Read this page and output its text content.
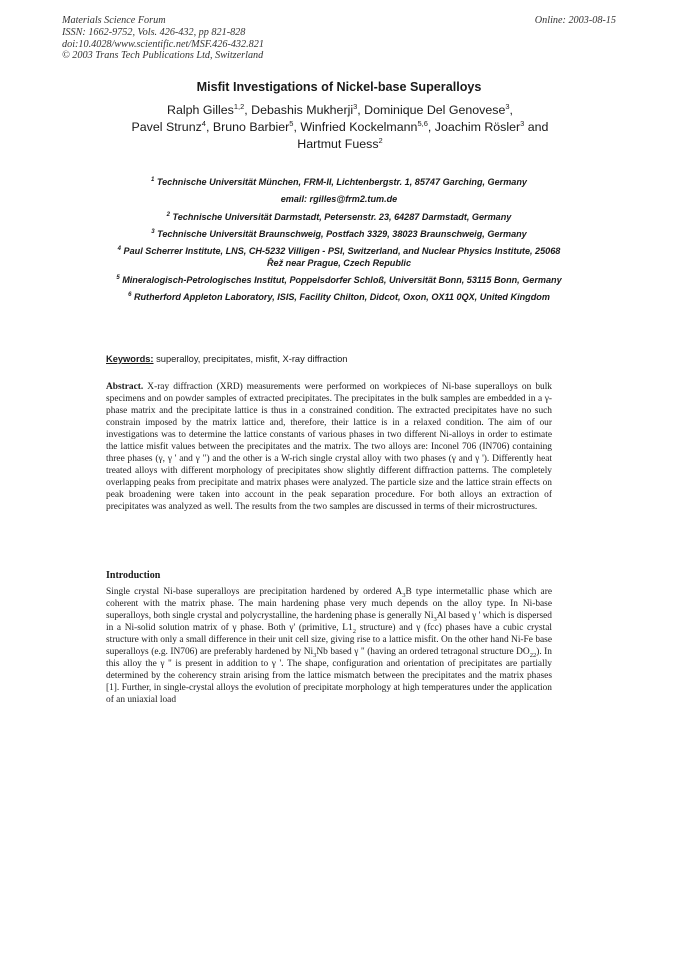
Materials Science Forum
ISSN: 1662-9752, Vols. 426-432, pp 821-828
doi:10.4028/www.scientific.net/MSF.426-432.821
© 2003 Trans Tech Publications Ltd, Switzerland
Online: 2003-08-15
Misfit Investigations of Nickel-base Superalloys
Ralph Gilles$^{1,2}$, Debashis Mukherji$^3$, Dominique Del Genovese$^3$,
Pavel Strunz$^4$, Bruno Barbier$^5$, Winfried Kockelmann$^{5,6}$, Joachim Rösler$^3$ and
Hartmut Fuess$^2$
$^1$ Technische Universität München, FRM-II, Lichtenbergstr. 1, 85747 Garching, Germany
email: rgilles@frm2.tum.de
$^2$ Technische Universität Darmstadt, Petersenstr. 23, 64287 Darmstadt, Germany
$^3$ Technische Universität Braunschweig, Postfach 3329, 38023 Braunschweig, Germany
$^4$ Paul Scherrer Institute, LNS, CH-5232 Villigen - PSI, Switzerland, and Nuclear Physics Institute, 25068 Řež near Prague, Czech Republic
$^5$ Mineralogisch-Petrologisches Institut, Poppelsdorfer Schloß, Universität Bonn, 53115 Bonn, Germany
$^6$ Rutherford Appleton Laboratory, ISIS, Facility Chilton, Didcot, Oxon, OX11 0QX, United Kingdom
Keywords: superalloy, precipitates, misfit, X-ray diffraction
Abstract. X-ray diffraction (XRD) measurements were performed on workpieces of Ni-base superalloys on bulk specimens and on powder samples of extracted precipitates. The precipitates in the bulk samples are embedded in a γ-phase matrix and the precipitate lattice is thus in a constrained condition. The extracted precipitates have no such constrain imposed by the matrix lattice and, therefore, their lattice is in a relaxed condition. The aim of our investigations was to determine the lattice constants of various phases in two different Ni-alloys in order to estimate the lattice misfit values between the precipitates and the matrix. The two alloys are: Inconel 706 (IN706) containing three phases (γ, γ ' and γ ") and the other is a W-rich single crystal alloy with two phases (γ and γ '). Differently heat treated alloys with different morphology of precipitates show slightly different diffraction patterns. The completely overlapping peaks from precipitate and matrix phases were analyzed. The particle size and the lattice strain effects on peak broadening were taken into account in the peak separation procedure. For both alloys an extraction of precipitates was analyzed as well. The results from the two samples are discussed in terms of their microstructures.
Introduction
Single crystal Ni-base superalloys are precipitation hardened by ordered $A_3B$ type intermetallic phase which are coherent with the matrix phase. The main hardening phase very much depends on the alloy type. In Ni-base superalloys, both single crystal and polycrystalline, the hardening phase is generally $Ni_3Al$ based γ ' which is dispersed in a Ni-solid solution matrix of γ phase. Both γ' (primitive, $L1_2$ structure) and γ (fcc) phases have a cubic crystal structure with only a small difference in their unit cell size, giving rise to a lattice misfit. On the other hand Ni-Fe base superalloys (e.g. IN706) are preferably hardened by $Ni_3Nb$ based γ " (having an ordered tetragonal structure $DO_{22}$). In this alloy the γ " is present in addition to γ '. The shape, configuration and orientation of precipitates are partially determined by the coherency strain arising from the lattice mismatch between the precipitates and the matrix phases [1]. Further, in single-crystal alloys the evolution of precipitate morphology at high temperatures under the application of an uniaxial load
